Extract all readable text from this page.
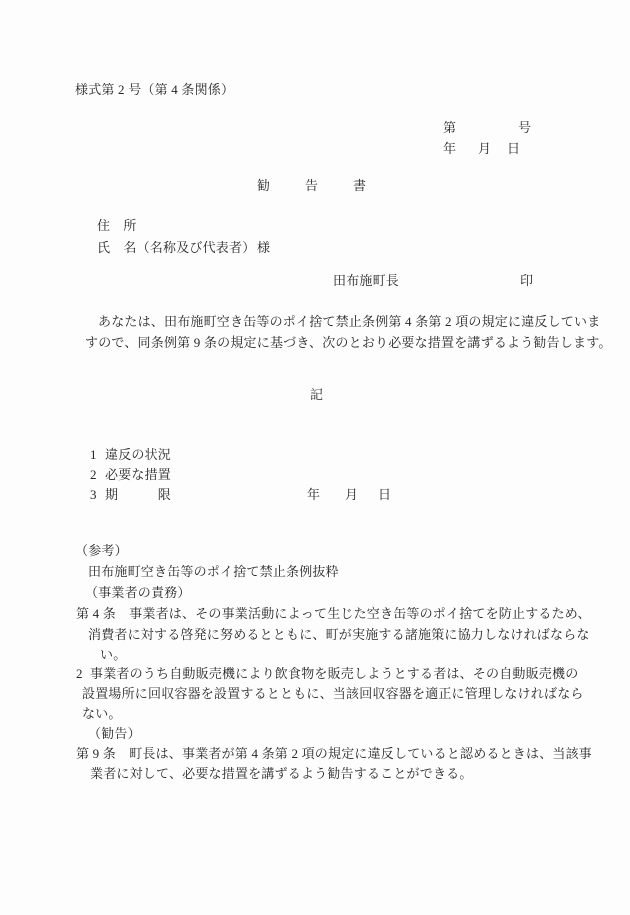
様式第 2 号（第 4 条関係）
第	号
年 月 日
勧告書
住　所
氏　名（名称及び代表者） 様
田布施町長	印
あなたは、田布施町空き缶等のポイ捨て禁止条例第 4 条第 2 項の規定に違反していま
すので、同条例第 9 条の規定に基づき、次のとおり必要な措置を講ずるよう勧告します。
記
1 違反の状況
2 必要な措置
3 期　　　限	年 月 日
（参考）
田布施町空き缶等のポイ捨て禁止条例抜粋
（事業者の責務）
第 4 条　事業者は、その事業活動によって生じた空き缶等のポイ捨てを防止するため、
消費者に対する啓発に努めるとともに、町が実施する諸施策に協力しなければならな
い。
2 事業者のうち自動販売機により飲食物を販売しようとする者は、その自動販売機の
設置場所に回収容器を設置するとともに、当該回収容器を適正に管理しなければなら
ない。
（勧告）
第 9 条　町長は、事業者が第 4 条第 2 項の規定に違反していると認めるときは、当該事
業者に対して、必要な措置を講ずるよう勧告することができる。
